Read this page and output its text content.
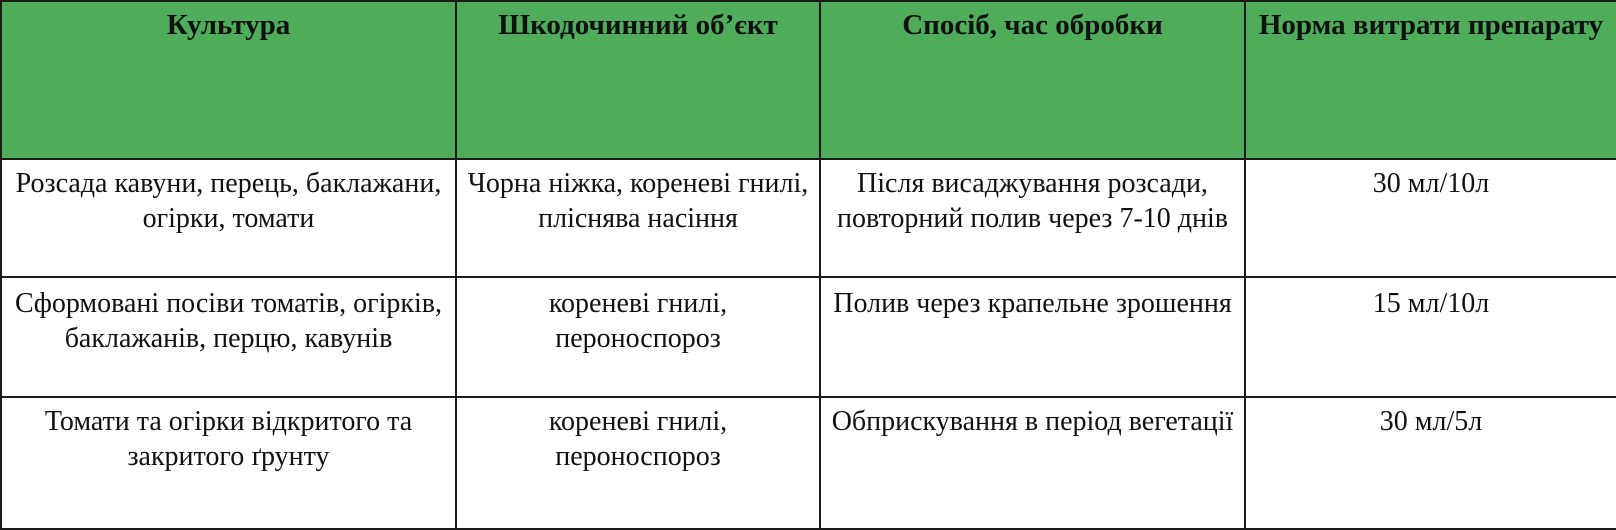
Культура	Шкодочинний об’єкт	Спосіб, час обробки	Норма витрати препарату
Розсада кавуни, перець, баклажани, огірки, томати	Чорна ніжка, кореневі гнилі, пліснява насіння	Після висаджування розсади, повторний полив через 7-10 днів	30 мл/10л
Сформовані посіви томатів, огірків, баклажанів, перцю, кавунів	кореневі гнилі, пероноспороз	Полив через крапельне зрошення	15 мл/10л
Томати та огірки відкритого та закритого ґрунту	кореневі гнилі, пероноспороз	Обприскування в період вегетації	30 мл/5л
